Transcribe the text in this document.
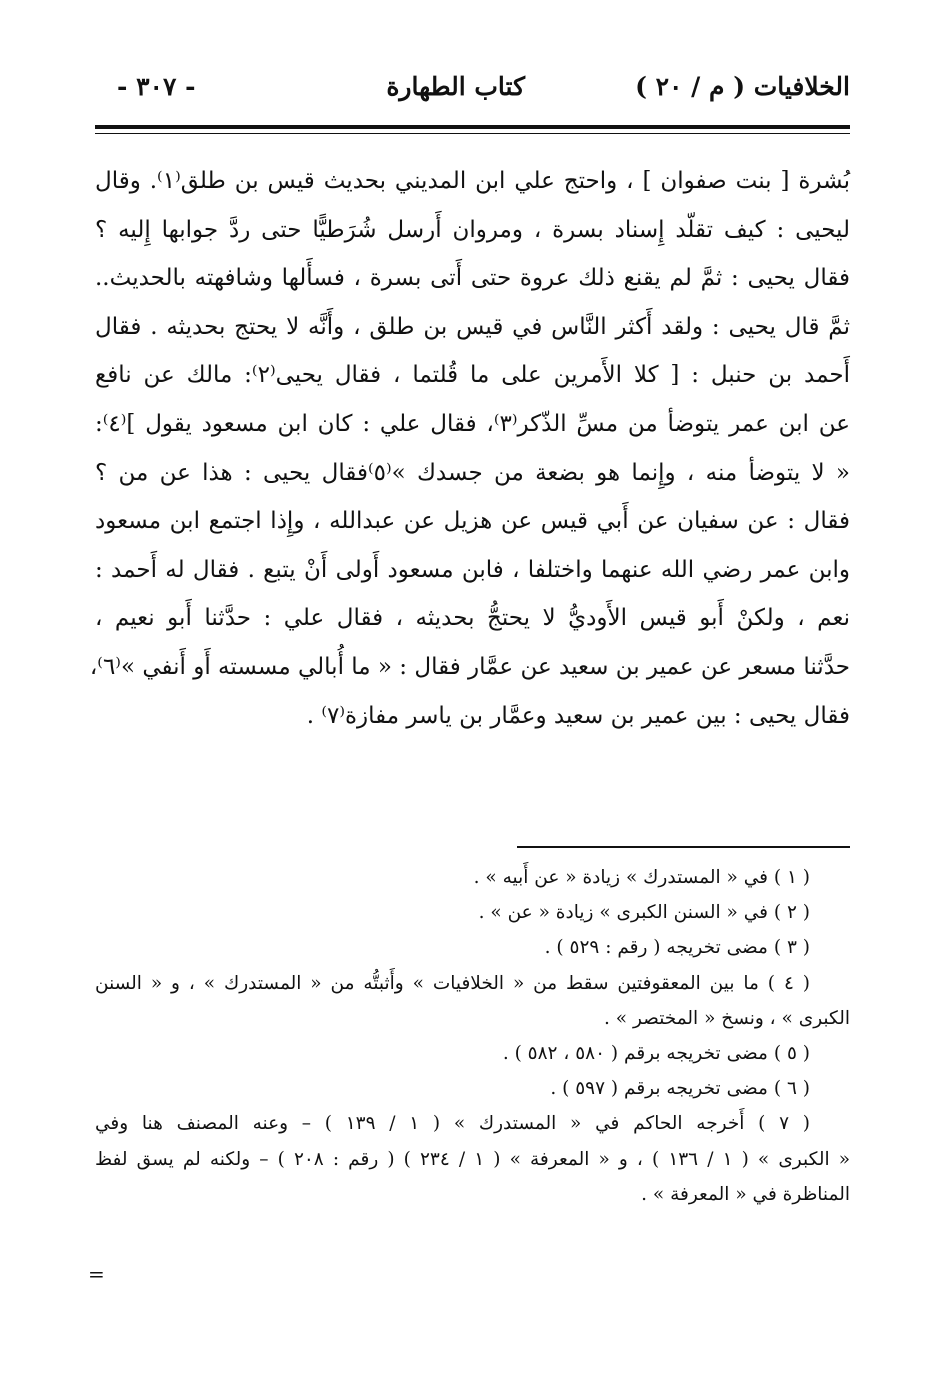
الخلافيات ( م / ٢٠ )
كتاب الطهارة
- ٣٠٧ -

بُشرة [ بنت صفوان ] ، واحتج علي ابن المديني بحديث قيس بن طلق⁽١⁾. وقال

ليحيى : كيف تقلّد إِسناد بسرة ، ومروان أَرسل شُرَطيًّا حتى ردَّ جوابها إِليه ؟

فقال يحيى : ثمَّ لم يقنع ذلك عروة حتى أَتى بسرة ، فسأَلها وشافهته بالحديث..

ثمَّ قال يحيى : ولقد أَكثر النَّاس في قيس بن طلق ، وأَنَّه لا يحتج بحديثه . فقال

أَحمد بن حنبل : [ كلا الأَمرين على ما قُلتما ، فقال يحيى⁽٢⁾: مالك عن نافع

عن ابن عمر يتوضأ من مسِّ الذّكر⁽٣⁾، فقال علي : كان ابن مسعود يقول ]⁽٤⁾:

« لا يتوضأ منه ، وإِنما هو بضعة من جسدك »⁽٥⁾فقال يحيى : هذا عن من ؟

فقال : عن سفيان عن أَبي قيس عن هزيل عن عبدالله ، وإِذا اجتمع ابن مسعود

وابن عمر رضي الله عنهما واختلفا ، فابن مسعود أَولى أَنْ يتبع . فقال له أَحمد :

نعم ، ولكنْ أَبو قيس الأَوديُّ لا يحتجُّ بحديثه ، فقال علي : حدَّثنا أَبو نعيم ،

حدَّثنا مسعر عن عمير بن سعيد عن عمَّار فقال : « ما أُبالي مسسته أَو أَنفي »⁽٦⁾،

فقال يحيى : بين عمير بن سعيد وعمَّار بن ياسر مفازة⁽٧⁾ .

( ١ ) في « المستدرك » زيادة « عن أَبيه » .

( ٢ ) في « السنن الكبرى » زيادة « عن » .

( ٣ ) مضى تخريجه ( رقم : ٥٢٩ ) .

( ٤ ) ما بين المعقوفتين سقط من « الخلافيات » وأَثبتُّه من « المستدرك » ، و « السنن

الكبرى » ، ونسخ « المختصر » .

( ٥ ) مضى تخريجه برقم ( ٥٨٠ ، ٥٨٢ ) .

( ٦ ) مضى تخريجه برقم ( ٥٩٧ ) .

( ٧ ) أَخرجه الحاكم في « المستدرك » ( ١ / ١٣٩ ) – وعنه المصنف هنا وفي

« الكبرى » ( ١ / ١٣٦ ) ، و « المعرفة » ( ١ / ٢٣٤ ) ( رقم : ٢٠٨ ) – ولكنه لم يسق لفظ

المناظرة في « المعرفة » .

=
